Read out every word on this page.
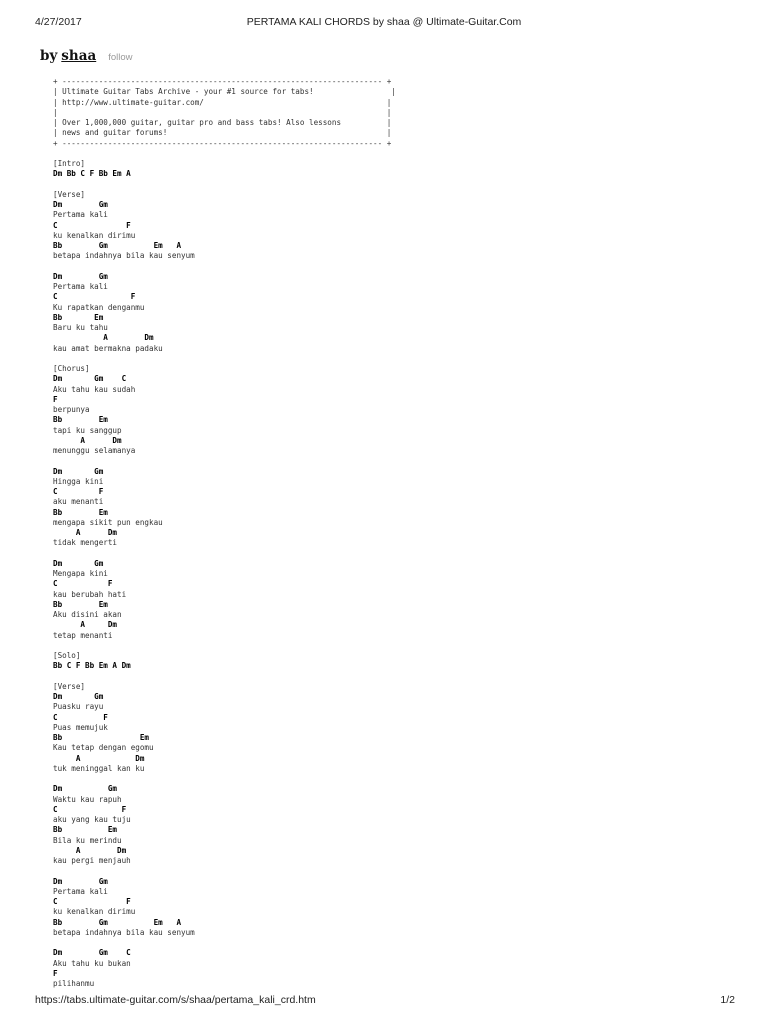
4/27/2017	PERTAMA KALI CHORDS by shaa @ Ultimate-Guitar.Com
by shaa follow
+ ---------------------------------------------------------------------- +
| Ultimate Guitar Tabs Archive - your #1 source for tabs!                 |
| http://www.ultimate-guitar.com/                                        |
|                                                                        |
| Over 1,000,000 guitar, guitar pro and bass tabs! Also lessons          |
| news and guitar forums!                                                |
+ ---------------------------------------------------------------------- +
[Intro]
Dm Bb C F Bb Em A
[Verse]
Dm        Gm
Pertama kali
C               F
ku kenalkan dirimu
Bb        Gm          Em   A
betapa indahnya bila kau senyum
Dm        Gm
Pertama kali
C                F
Ku rapatkan denganmu
Bb       Em
Baru ku tahu
A        Dm
kau amat bermakna padaku
[Chorus]
Dm       Gm    C
Aku tahu kau sudah
F
berpunya
Bb        Em
tapi ku sanggup
A      Dm
menunggu selamanya
Dm       Gm
Hingga kini
C         F
aku menanti
Bb        Em
mengapa sikit pun engkau
A      Dm
tidak mengerti
Dm       Gm
Mengapa kini
C           F
kau berubah hati
Bb        Em
Aku disini akan
A     Dm
tetap menanti
[Solo]
Bb C F Bb Em A Dm
[Verse]
Dm       Gm
Puasku rayu
C          F
Puas memujuk
Bb                 Em
Kau tetap dengan egomu
A            Dm
tuk meninggal kan ku
Dm          Gm
Waktu kau rapuh
C              F
aku yang kau tuju
Bb          Em
Bila ku merindu
A        Dm
kau pergi menjauh
Dm        Gm
Pertama kali
C               F
ku kenalkan dirimu
Bb        Gm          Em   A
betapa indahnya bila kau senyum
Dm        Gm    C
Aku tahu ku bukan
F
pilihanmu
https://tabs.ultimate-guitar.com/s/shaa/pertama_kali_crd.htm	1/2
